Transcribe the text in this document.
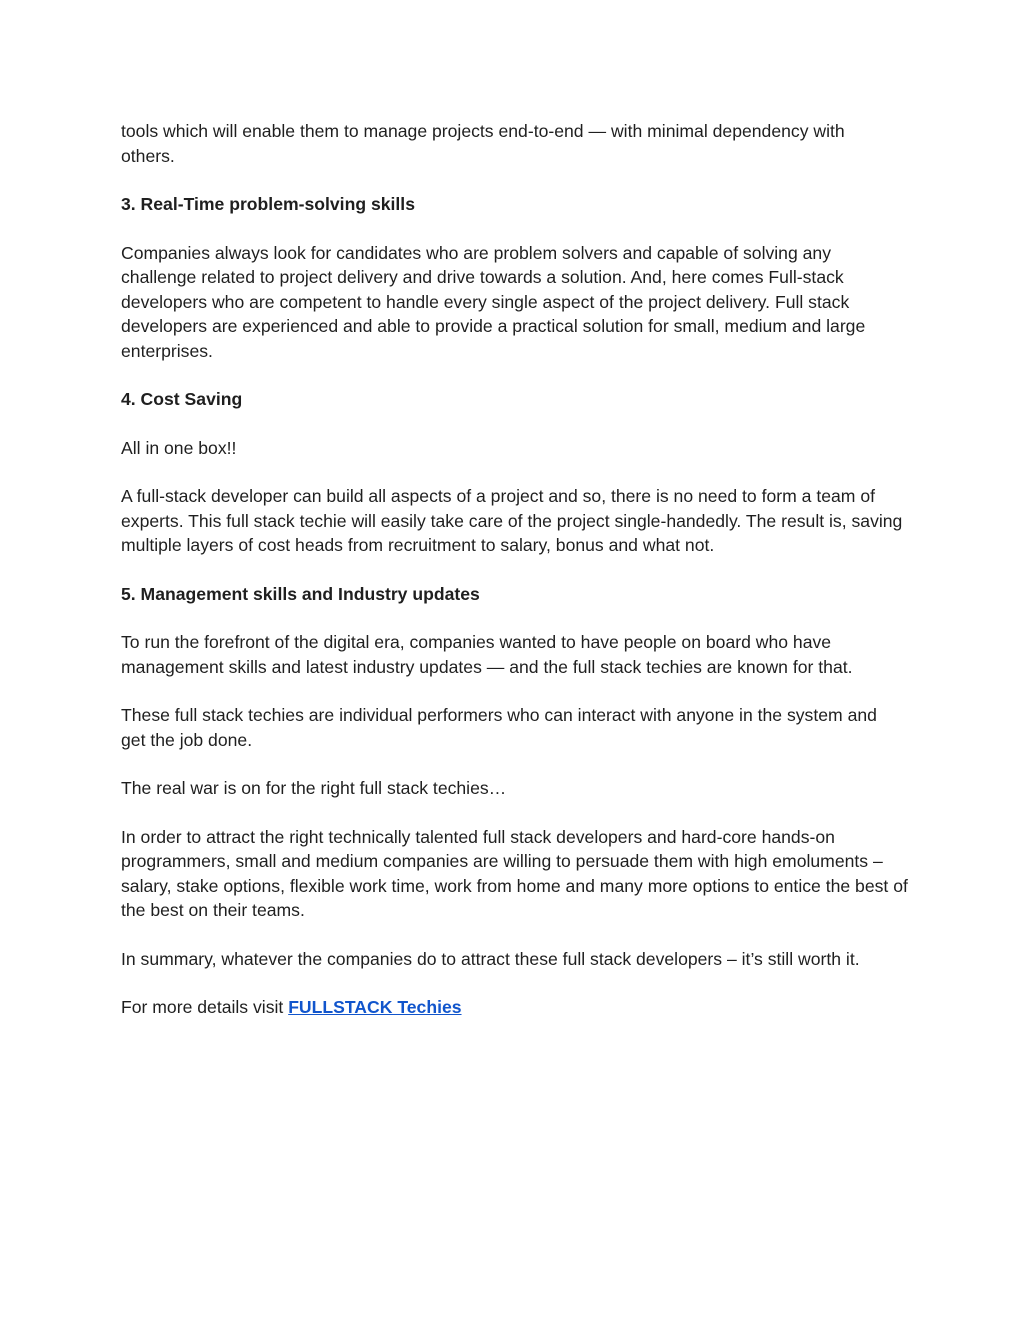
tools which will enable them to manage projects end-to-end — with minimal dependency with others.

3. Real-Time problem-solving skills

Companies always look for candidates who are problem solvers and capable of solving any challenge related to project delivery and drive towards a solution. And, here comes Full-stack developers who are competent to handle every single aspect of the project delivery. Full stack developers are experienced and able to provide a practical solution for small, medium and large enterprises.

4. Cost Saving

All in one box!!

A full-stack developer can build all aspects of a project and so, there is no need to form a team of experts. This full stack techie will easily take care of the project single-handedly. The result is, saving multiple layers of cost heads from recruitment to salary, bonus and what not.

5. Management skills and Industry updates

To run the forefront of the digital era, companies wanted to have people on board who have management skills and latest industry updates — and the full stack techies are known for that.

These full stack techies are individual performers who can interact with anyone in the system and get the job done.

The real war is on for the right full stack techies…

In order to attract the right technically talented full stack developers and hard-core hands-on programmers, small and medium companies are willing to persuade them with high emoluments – salary, stake options, flexible work time, work from home and many more options to entice the best of the best on their teams.

In summary, whatever the companies do to attract these full stack developers – it’s still worth it.

For more details visit FULLSTACK Techies
